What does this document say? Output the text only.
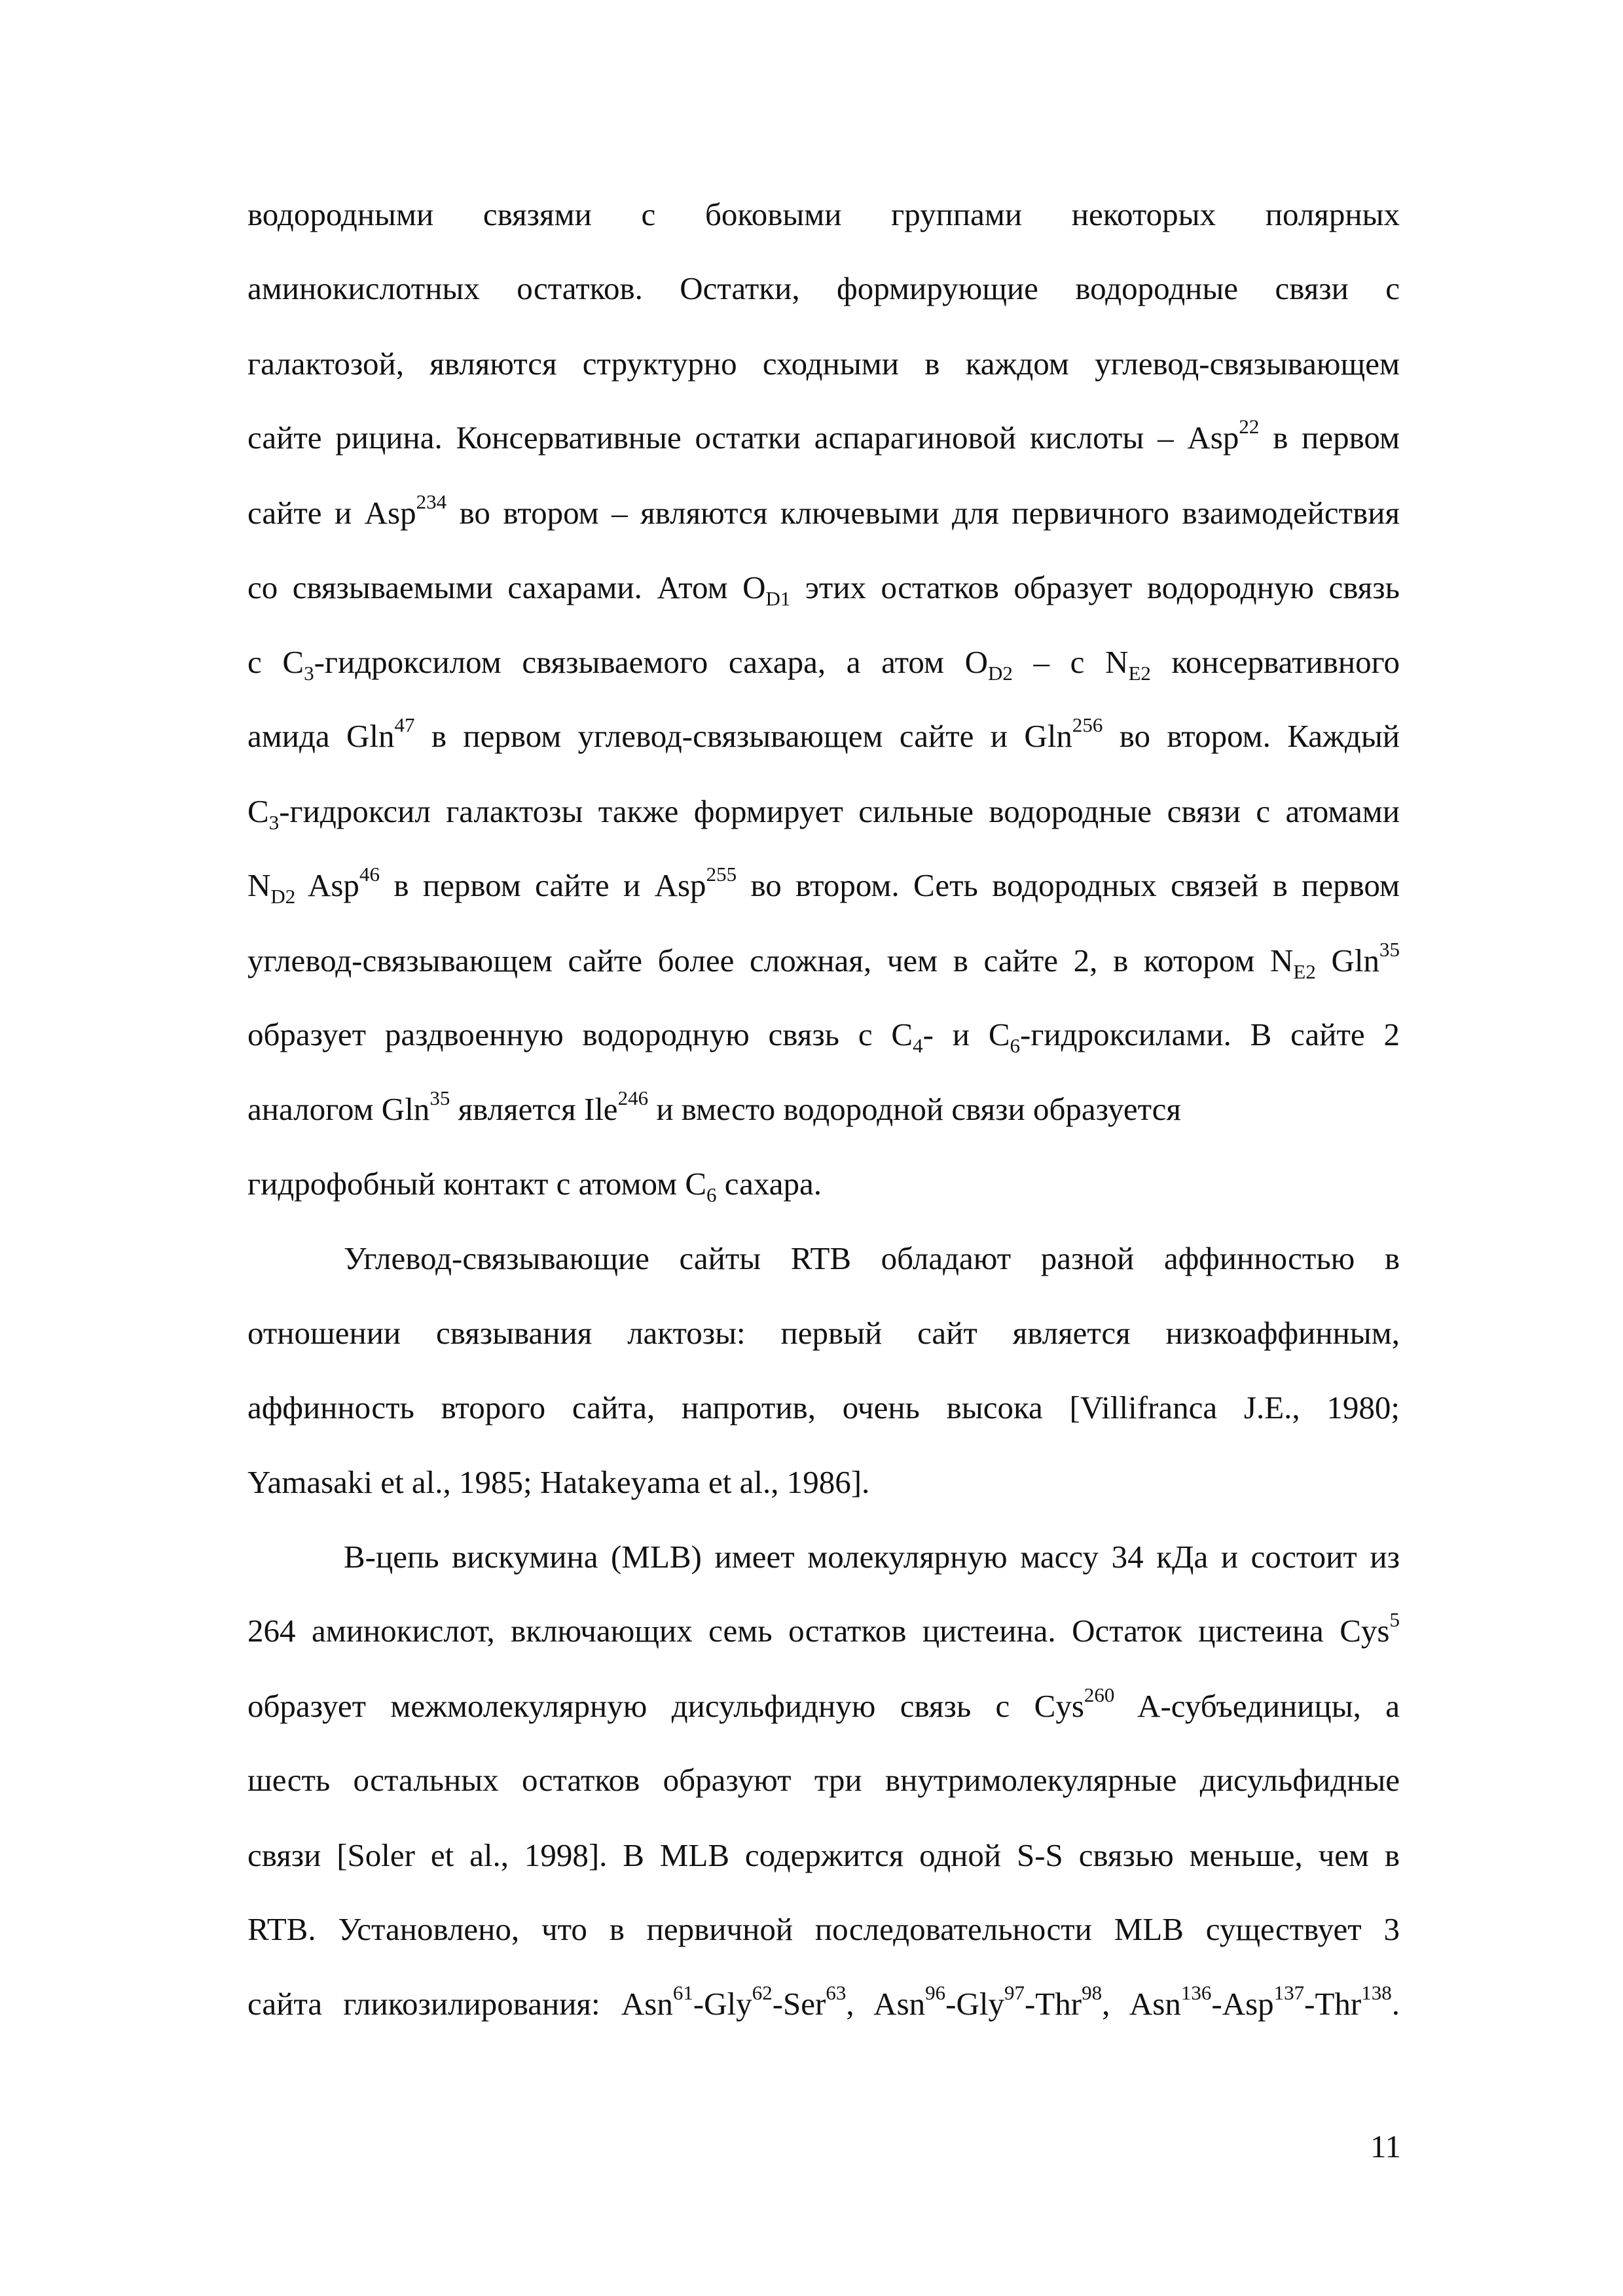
водородными связями с боковыми группами некоторых полярных
аминокислотных остатков. Остатки, формирующие водородные связи с
галактозой, являются структурно сходными в каждом углевод-связывающем
сайте рицина. Консервативные остатки аспарагиновой кислоты – Asp$^{22}$ в первом
сайте и Asp$^{234}$ во втором – являются ключевыми для первичного взаимодействия
со связываемыми сахарами. Атом $O_{D1}$ этих остатков образует водородную связь
с $C_3$-гидроксилом связываемого сахара, а атом $O_{D2}$ – с $N_{E2}$ консервативного
амида Gln$^{47}$ в первом углевод-связывающем сайте и Gln$^{256}$ во втором. Каждый
$C_3$-гидроксил галактозы также формирует сильные водородные связи с атомами
$N_{D2}$ Asp$^{46}$ в первом сайте и Asp$^{255}$ во втором. Сеть водородных связей в первом
углевод-связывающем сайте более сложная, чем в сайте 2, в котором $N_{E2}$ Gln$^{35}$
образует раздвоенную водородную связь с $C_4-$ и $C_6$-гидроксилами. В сайте 2
аналогом Gln$^{35}$ является Ile$^{246}$ и вместо водородной связи образуется
гидрофобный контакт с атомом $C_6$ сахара.
Углевод-связывающие сайты RTB обладают разной аффинностью в
отношении связывания лактозы: первый сайт является низкоаффинным,
аффинность второго сайта, напротив, очень высока [Villifranca J.E., 1980;
Yamasaki et al., 1985; Hatakeyama et al., 1986].
B-цепь вискумина (MLB) имеет молекулярную массу 34 кДа и состоит из
264 аминокислот, включающих семь остатков цистеина. Остаток цистеина Cys$^5$
образует межмолекулярную дисульфидную связь с Cys$^{260}$ A-субъединицы, а
шесть остальных остатков образуют три внутримолекулярные дисульфидные
связи [Soler et al., 1998]. В MLB содержится одной S-S связью меньше, чем в
RTB. Установлено, что в первичной последовательности MLB существует 3
сайта гликозилирования: Asn$^{61}$-Gly$^{62}$-Ser$^{63}$, Asn$^{96}$-Gly$^{97}$-Thr$^{98}$, Asn$^{136}$-Asp$^{137}$-Thr$^{138}$.
11
